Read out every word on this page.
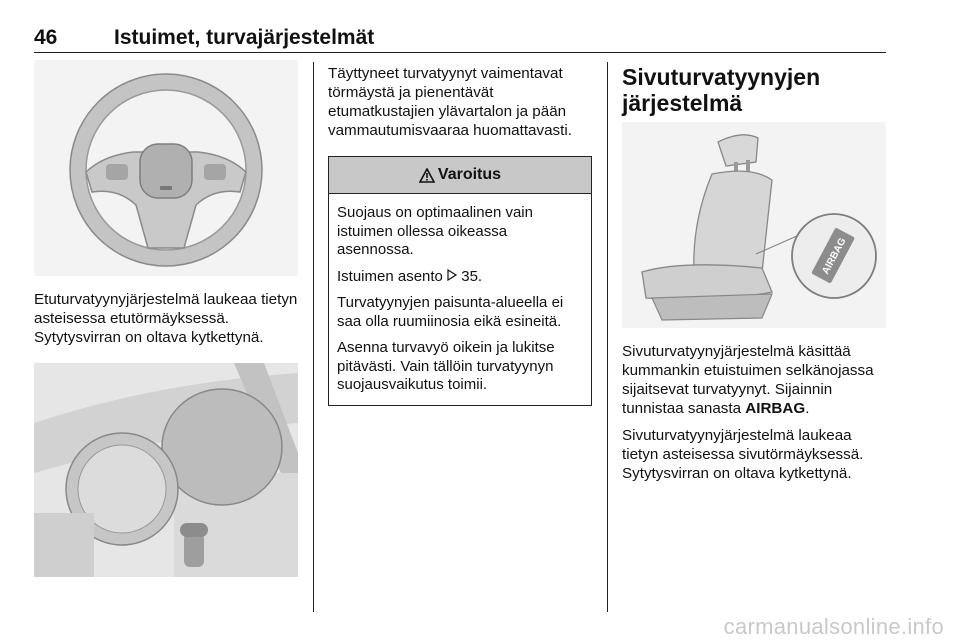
46	Istuimet, turvajärjestelmät

Etuturvatyynyjärjestelmä laukeaa tietyn asteisessa etutörmäyksessä. Sytytysvirran on oltava kytkettynä.

Täyttyneet turvatyynyt vaimentavat törmäystä ja pienentävät etumatkustajien ylävartalon ja pään vammautumisvaaraa huomattavasti.

Varoitus

Suojaus on optimaalinen vain istuimen ollessa oikeassa asennossa.

Istuimen asento 35.

Turvatyynyjen paisunta-alueella ei saa olla ruumiinosia eikä esineitä.

Asenna turvavyö oikein ja lukitse pitävästi. Vain tällöin turvatyynyn suojausvaikutus toimii.

Sivuturvatyynyjen järjestelmä
AIRBAG

Sivuturvatyynyjärjestelmä käsittää kummankin etuistuimen selkänojassa sijaitsevat turvatyynyt. Sijainnin tunnistaa sanasta AIRBAG.

Sivuturvatyynyjärjestelmä laukeaa tietyn asteisessa sivutörmäyksessä. Sytytysvirran on oltava kytkettynä.

carmanualsonline.info
